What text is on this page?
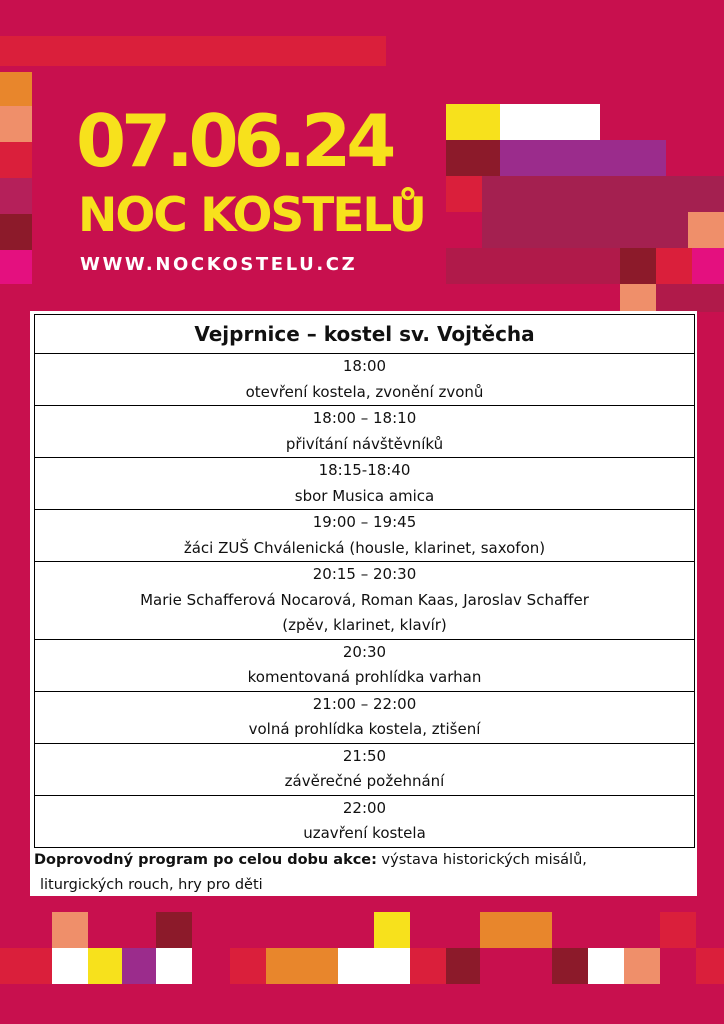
07.06.24
NOC KOSTELŮ
WWW.NOCKOSTELU.CZ
Vejprnice – kostel sv. Vojtěcha

18:00
otevření kostela, zvonění zvonů

18:00 – 18:10
přivítání návštěvníků

18:15-18:40
sbor Musica amica

19:00 – 19:45
žáci ZUŠ Chválenická (housle, klarinet, saxofon)

20:15 – 20:30
Marie Schafferová Nocarová, Roman Kaas, Jaroslav Schaffer
(zpěv, klarinet, klavír)

20:30
komentovaná prohlídka varhan

21:00 – 22:00
volná prohlídka kostela, ztišení

21:50
závěrečné požehnání

22:00
uzavření kostela
Doprovodný program po celou dobu akce: výstava historických misálů,
liturgických rouch, hry pro děti
